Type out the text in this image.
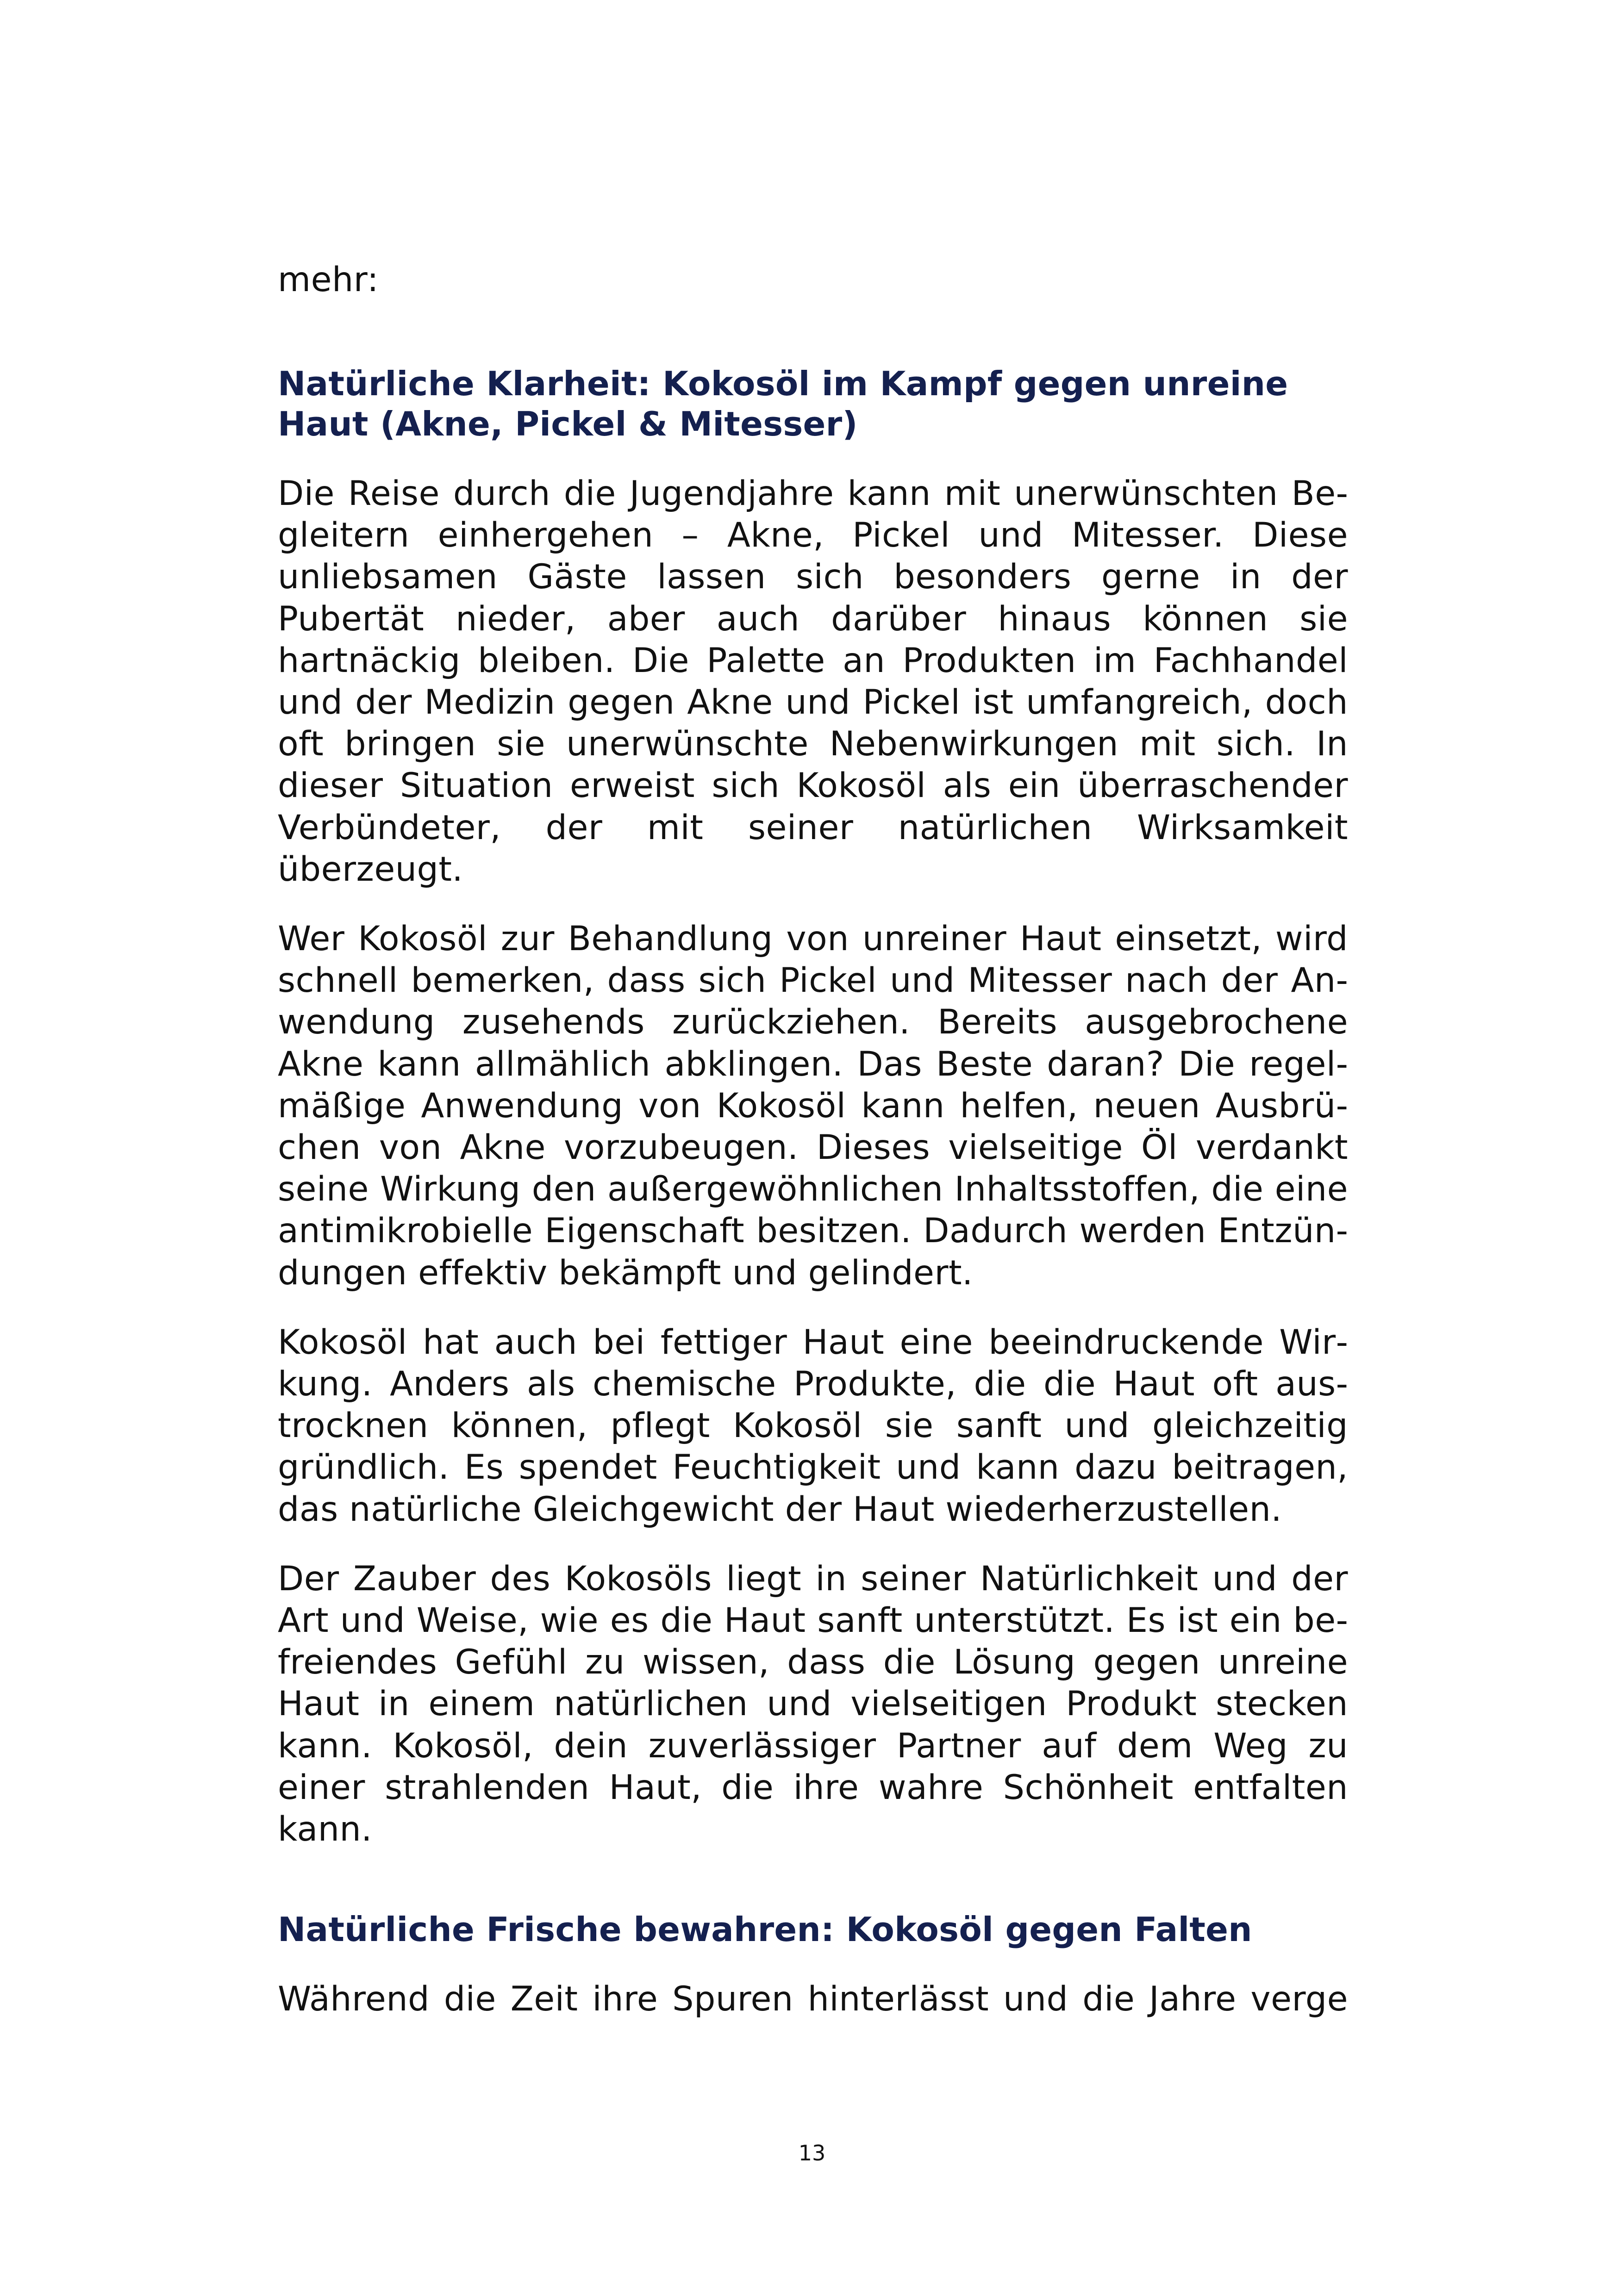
mehr:

Natürliche Klarheit: Kokosöl im Kampf gegen unreine Haut (Akne, Pickel & Mitesser)

Die Reise durch die Jugendjahre kann mit unerwünschten Begleitern einhergehen – Akne, Pickel und Mitesser. Diese unliebsamen Gäste lassen sich besonders gerne in der Pubertät nieder, aber auch darüber hinaus können sie hartnäckig bleiben. Die Palette an Produkten im Fachhandel und der Medizin gegen Akne und Pickel ist umfangreich, doch oft bringen sie unerwünschte Nebenwirkungen mit sich. In dieser Situation erweist sich Kokosöl als ein überraschender Verbündeter, der mit seiner natürlichen Wirksamkeit überzeugt.

Wer Kokosöl zur Behandlung von unreiner Haut einsetzt, wird schnell bemerken, dass sich Pickel und Mitesser nach der Anwendung zusehends zurückziehen. Bereits ausgebrochene Akne kann allmählich abklingen. Das Beste daran? Die regelmäßige Anwendung von Kokosöl kann helfen, neuen Ausbrüchen von Akne vorzubeugen. Dieses vielseitige Öl verdankt seine Wirkung den außergewöhnlichen Inhaltsstoffen, die eine antimikrobielle Eigenschaft besitzen. Dadurch werden Entzündungen effektiv bekämpft und gelindert.

Kokosöl hat auch bei fettiger Haut eine beeindruckende Wirkung. Anders als chemische Produkte, die die Haut oft austrocknen können, pflegt Kokosöl sie sanft und gleichzeitig gründlich. Es spendet Feuchtigkeit und kann dazu beitragen, das natürliche Gleichgewicht der Haut wiederherzustellen.

Der Zauber des Kokosöls liegt in seiner Natürlichkeit und der Art und Weise, wie es die Haut sanft unterstützt. Es ist ein befreiendes Gefühl zu wissen, dass die Lösung gegen unreine Haut in einem natürlichen und vielseitigen Produkt stecken kann. Kokosöl, dein zuverlässiger Partner auf dem Weg zu einer strahlenden Haut, die ihre wahre Schönheit entfalten kann.

Natürliche Frische bewahren: Kokosöl gegen Falten

Während die Zeit ihre Spuren hinterlässt und die Jahre verge

13
